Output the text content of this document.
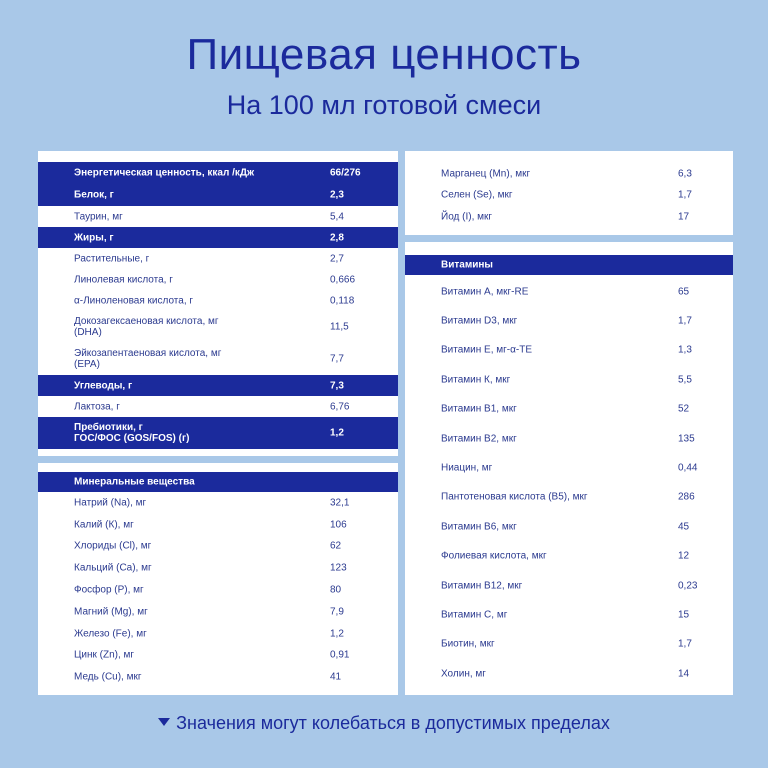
Пищевая ценность
На 100 мл готовой смеси
Энергетическая ценность, ккал /кДж	66/276
Белок, г	2,3
Таурин, мг	5,4
Жиры, г	2,8
Растительные, г	2,7
Линолевая кислота, г	0,666
α-Линоленовая кислота, г	0,118
Докозагексаеновая кислота, мг
(DHA)	11,5
Эйкозапентаеновая кислота, мг
(EPA)	7,7
Углеводы, г	7,3
Лактоза, г	6,76
Пребиотики, г
ГОС/ФОС (GOS/FOS) (г)	1,2
Минеральные вещества
Натрий (Na), мг	32,1
Калий (К), мг	106
Хлориды (Cl), мг	62
Кальций (Ca), мг	123
Фосфор (Р), мг	80
Магний (Mg), мг	7,9
Железо (Fe), мг	1,2
Цинк (Zn), мг	0,91
Медь (Cu), мкг	41
Марганец (Mn), мкг	6,3
Селен (Se), мкг	1,7
Йод (I), мкг	17
Витамины
Витамин А, мкг-RE	65
Витамин D3, мкг	1,7
Витамин Е, мг-α-ТЕ	1,3
Витамин К, мкг	5,5
Витамин B1, мкг	52
Витамин B2, мкг	135
Ниацин, мг	0,44
Пантотеновая кислота (B5), мкг	286
Витамин B6, мкг	45
Фолиевая кислота, мкг	12
Витамин B12, мкг	0,23
Витамин С, мг	15
Биотин, мкг	1,7
Холин, мг	14
Значения могут колебаться в допустимых пределах
